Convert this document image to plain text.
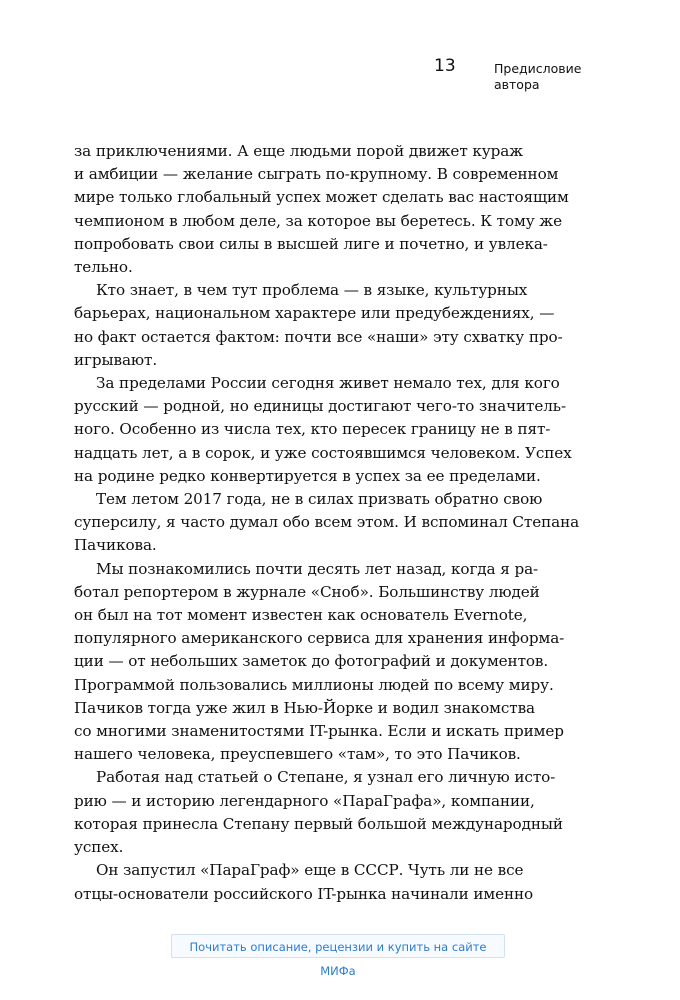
13	Предисловие
автора
за приключениями. А еще людьми порой движет кураж
и амбиции — желание сыграть по-крупному. В современном
мире только глобальный успех может сделать вас настоящим
чемпионом в любом деле, за которое вы беретесь. К тому же
попробовать свои силы в высшей лиге и почетно, и увлека-
тельно.
Кто знает, в чем тут проблема — в языке, культурных
барьерах, национальном характере или предубеждениях, —
но факт остается фактом: почти все «наши» эту схватку про-
игрывают.
За пределами России сегодня живет немало тех, для кого
русский — родной, но единицы достигают чего-то значитель-
ного. Особенно из числа тех, кто пересек границу не в пят-
надцать лет, а в сорок, и уже состоявшимся человеком. Успех
на родине редко конвертируется в успех за ее пределами.
Тем летом 2017 года, не в силах призвать обратно свою
суперсилу, я часто думал обо всем этом. И вспоминал Степана
Пачикова.
Мы познакомились почти десять лет назад, когда я ра-
ботал репортером в журнале «Сноб». Большинству людей
он был на тот момент известен как основатель Evernote,
популярного американского сервиса для хранения информа-
ции — от небольших заметок до фотографий и документов.
Программой пользовались миллионы людей по всему миру.
Пачиков тогда уже жил в Нью-Йорке и водил знакомства
со многими знаменитостями IT-рынка. Если и искать пример
нашего человека, преуспевшего «там», то это Пачиков.
Работая над статьей о Степане, я узнал его личную исто-
рию — и историю легендарного «ПараГрафа», компании,
которая принесла Степану первый большой международный
успех.
Он запустил «ПараГраф» еще в СССР. Чуть ли не все
отцы-основатели российского IT-рынка начинали именно
Почитать описание, рецензии и купить на сайте МИФа
